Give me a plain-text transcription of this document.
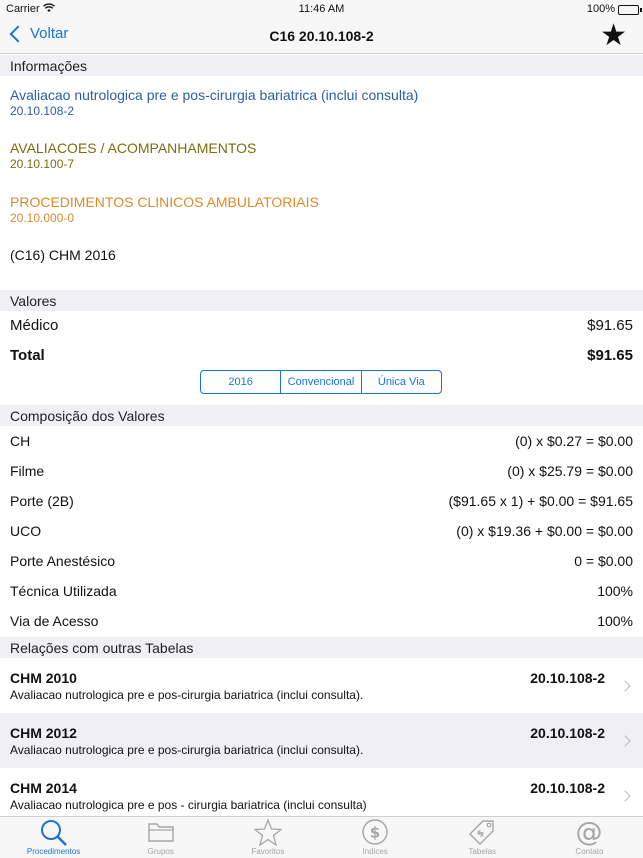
Carrier	11:46 AM	100%
Voltar	C16 20.10.108-2	★
Informações
Avaliacao nutrologica pre e pos-cirurgia bariatrica (inclui consulta)
20.10.108-2
AVALIACOES / ACOMPANHAMENTOS
20.10.100-7
PROCEDIMENTOS CLINICOS AMBULATORIAIS
20.10.000-0
(C16) CHM 2016
Valores
Médico	$91.65
Total	$91.65
2016	Convencional	Única Via
Composição dos Valores
CH	(0) x $0.27 = $0.00
Filme	(0) x $25.79 = $0.00
Porte (2B)	($91.65 x 1) + $0.00 = $91.65
UCO	(0) x $19.36 + $0.00 = $0.00
Porte Anestésico	0 = $0.00
Técnica Utilizada	100%
Via de Acesso	100%
Relações com outras Tabelas
CHM 2010	20.10.108-2
Avaliacao nutrologica pre e pos-cirurgia bariatrica (inclui consulta).
CHM 2012	20.10.108-2
Avaliacao nutrologica pre e pos-cirurgia bariatrica (inclui consulta).
CHM 2014	20.10.108-2
Avaliacao nutrologica pre e pos - cirurgia bariatrica (inclui consulta)
Procedimentos	Grupos	Favoritos
$
Indices
$
Tabelas
@
Contato
